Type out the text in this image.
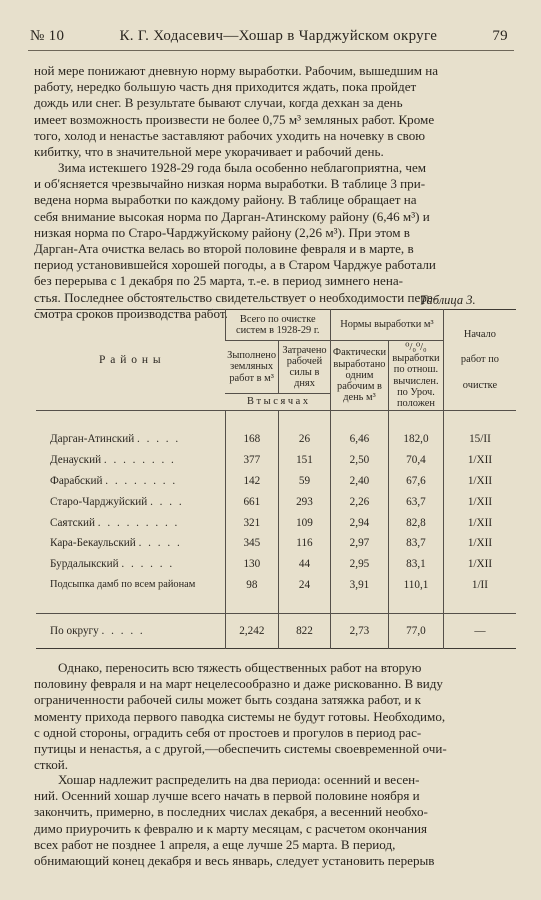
№ 10	К. Г. Ходасевич—Хошар в Чарджуйском округе	79

ной мере понижают дневную норму выработки. Рабочим, вышедшим на

работу, нередко большую часть дня приходится ждать, пока пройдет

дождь или снег. В результате бывают случаи, когда дехкан за день

имеет возможность произвести не более 0,75 м³ земляных работ. Кроме

того, холод и ненастье заставляют рабочих уходить на ночевку в свою

кибитку, что в значительной мере укорачивает и рабочий день.

Зима истекшего 1928-29 года была особенно неблагоприятна, чем

и об'ясняется чрезвычайно низкая норма выработки. В таблице 3 при-

ведена норма выработки по каждому району. В таблице обращает на

себя внимание высокая норма по Дарган-Атинскому району (6,46 м³) и

низкая норма по Старо-Чарджуйскому району (2,26 м³). При этом в

Дарган-Ата очистка велась во второй половине февраля и в марте, в

период установившейся хорошей погоды, а в Старом Чарджуе работали

без перерыва с 1 декабря по 25 марта, т.-е. в период зимнего нена-

стья. Последнее обстоятельство свидетельствует о необходимости пере-

смотра сроков производства работ.

Таблица 3.
Р а й о н ы	Всего по очистке систем в 1928-29 г.		Нормы выработки м³		Начало
работ по
очистке

	Зыполнено земляных работ в м³	Затрачено рабочей силы в днях	Фактически выработано одним рабочим в день м³	⁰/₀⁰/₀ выработки по отнош. вычислен. по Уроч. положен	
	В т ы с я ч а х				

Дарган-Атинский . . . . .	168	26	6,46	182,0	15/II
Денауский . . . . . . . .	377	151	2,50	70,4	1/XII
Фарабский . . . . . . . .	142	59	2,40	67,6	1/XII
Старо-Чарджуйский . . . .	661	293	2,26	63,7	1/XII
Саятский . . . . . . . . .	321	109	2,94	82,8	1/XII
Кара-Бекаульский . . . . .	345	116	2,97	83,7	1/XII
Бурдалыкский . . . . . .	130	44	2,95	83,1	1/XII
Подсыпка дамб по всем районам	98	24	3,91	110,1	1/II

По округу . . . . .	2,242	822	2,73	77,0	—

Однако, переносить всю тяжесть общественных работ на вторую

половину февраля и на март нецелесообразно и даже рискованно. В виду

ограниченности рабочей силы может быть создана затяжка работ, и к

моменту прихода первого паводка системы не будут готовы. Необходимо,

с одной стороны, оградить себя от простоев и прогулов в период рас-

путицы и ненастья, а с другой,—обеспечить системы своевременной очи-

сткой.

Хошар надлежит распределить на два периода: осенний и весен-

ний. Осенний хошар лучше всего начать в первой половине ноября и

закончить, примерно, в последних числах декабря, а весенний необхо-

димо приурочить к февралю и к марту месяцам, с расчетом окончания

всех работ не позднее 1 апреля, а еще лучше 25 марта. В период,

обнимающий конец декабря и весь январь, следует установить перерыв
